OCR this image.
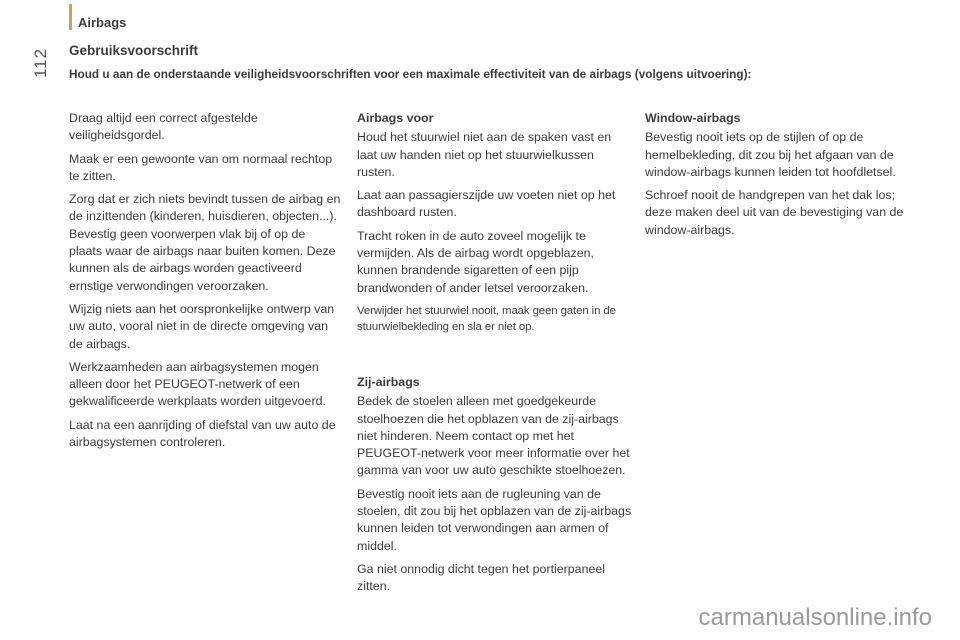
Airbags
112	Gebruiksvoorschrift
Houd u aan de onderstaande veiligheidsvoorschriften voor een maximale effectiviteit van de airbags (volgens uitvoering):

Draag altijd een correct afgestelde veiligheidsgordel.

Maak er een gewoonte van om normaal rechtop te zitten.

Zorg dat er zich niets bevindt tussen de airbag en de inzittenden (kinderen, huisdieren, objecten...). Bevestig geen voorwerpen vlak bij of op de plaats waar de airbags naar buiten komen. Deze kunnen als de airbags worden geactiveerd ernstige verwondingen veroorzaken.

Wijzig niets aan het oorspronkelijke ontwerp van uw auto, vooral niet in de directe omgeving van de airbags.

Werkzaamheden aan airbagsystemen mogen alleen door het PEUGEOT-netwerk of een gekwalificeerde werkplaats worden uitgevoerd.

Laat na een aanrijding of diefstal van uw auto de airbagsystemen controleren.

Airbags voor

Houd het stuurwiel niet aan de spaken vast en laat uw handen niet op het stuurwielkussen rusten.

Laat aan passagierszijde uw voeten niet op het dashboard rusten.

Tracht roken in de auto zoveel mogelijk te vermijden. Als de airbag wordt opgeblazen, kunnen brandende sigaretten of een pijp brandwonden of ander letsel veroorzaken.

Verwijder het stuurwiel nooit, maak geen gaten in de stuurwielbekleding en sla er niet op.

Zij-airbags

Bedek de stoelen alleen met goedgekeurde stoelhoezen die het opblazen van de zij-airbags niet hinderen. Neem contact op met het PEUGEOT-netwerk voor meer informatie over het gamma van voor uw auto geschikte stoelhoezen.

Bevestig nooit iets aan de rugleuning van de stoelen, dit zou bij het opblazen van de zij-airbags kunnen leiden tot verwondingen aan armen of middel.

Ga niet onnodig dicht tegen het portierpaneel zitten.

Window-airbags

Bevestig nooit iets op de stijlen of op de hemelbekleding, dit zou bij het afgaan van de window-airbags kunnen leiden tot hoofdletsel.

Schroef nooit de handgrepen van het dak los; deze maken deel uit van de bevestiging van de window-airbags.

carmanualsonline.info
